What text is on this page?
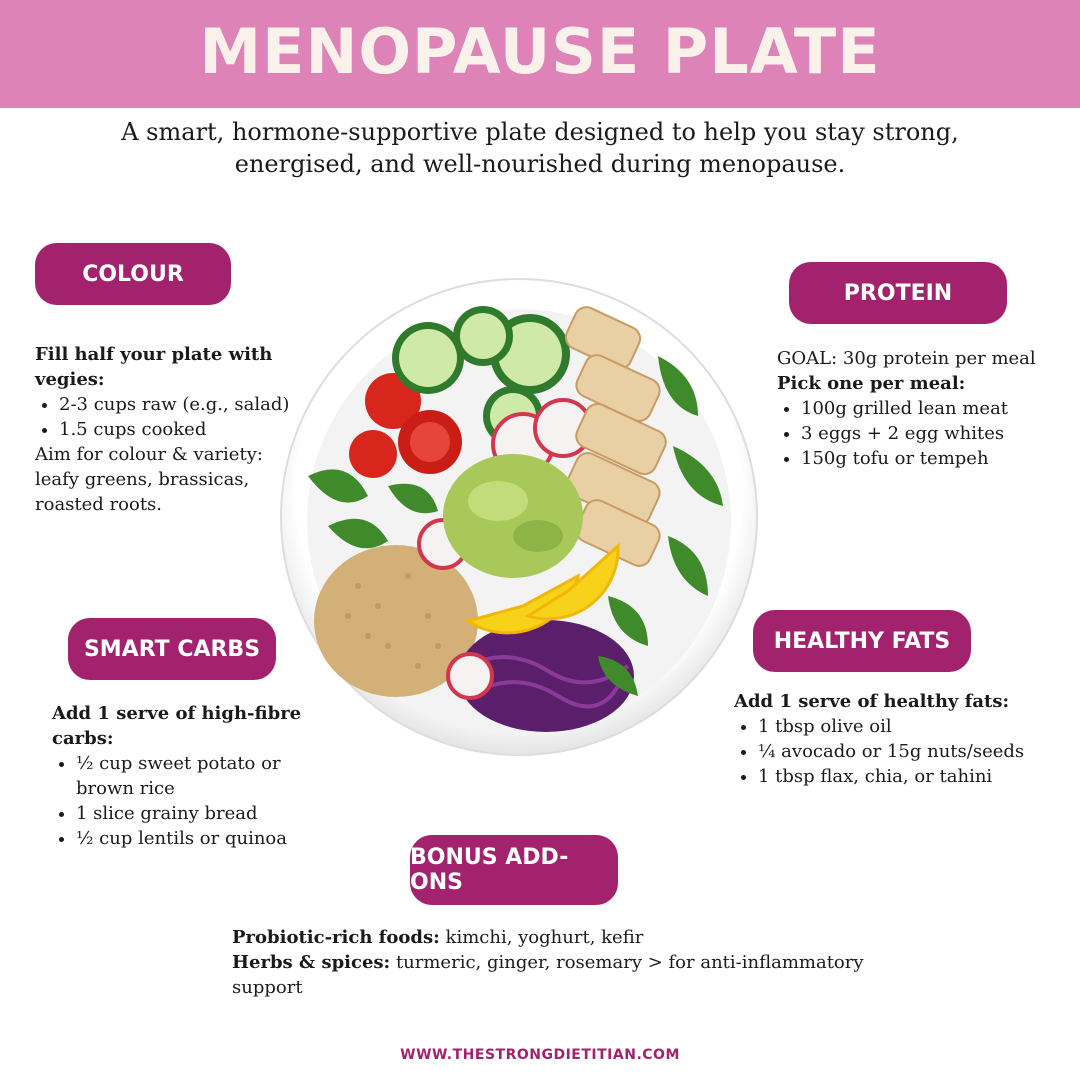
MENOPAUSE PLATE
A smart, hormone-supportive plate designed to help you stay strong, energised, and well-nourished during menopause.
COLOUR
Fill half your plate with vegies:
• 2-3 cups raw (e.g., salad)
• 1.5 cups cooked
Aim for colour & variety: leafy greens, brassicas, roasted roots.
PROTEIN
GOAL: 30g protein per meal
Pick one per meal:
• 100g grilled lean meat
• 3 eggs + 2 egg whites
• 150g tofu or tempeh
SMART CARBS
Add 1 serve of high-fibre carbs:
• ½ cup sweet potato or brown rice
• 1 slice grainy bread
• ½ cup lentils or quinoa
HEALTHY FATS
Add 1 serve of healthy fats:
• 1 tbsp olive oil
• ¼ avocado or 15g nuts/seeds
• 1 tbsp flax, chia, or tahini
BONUS ADD-ONS
Probiotic-rich foods: kimchi, yoghurt, kefir
Herbs & spices: turmeric, ginger, rosemary > for anti-inflammatory support
WWW.THESTRONGDIETITIAN.COM
